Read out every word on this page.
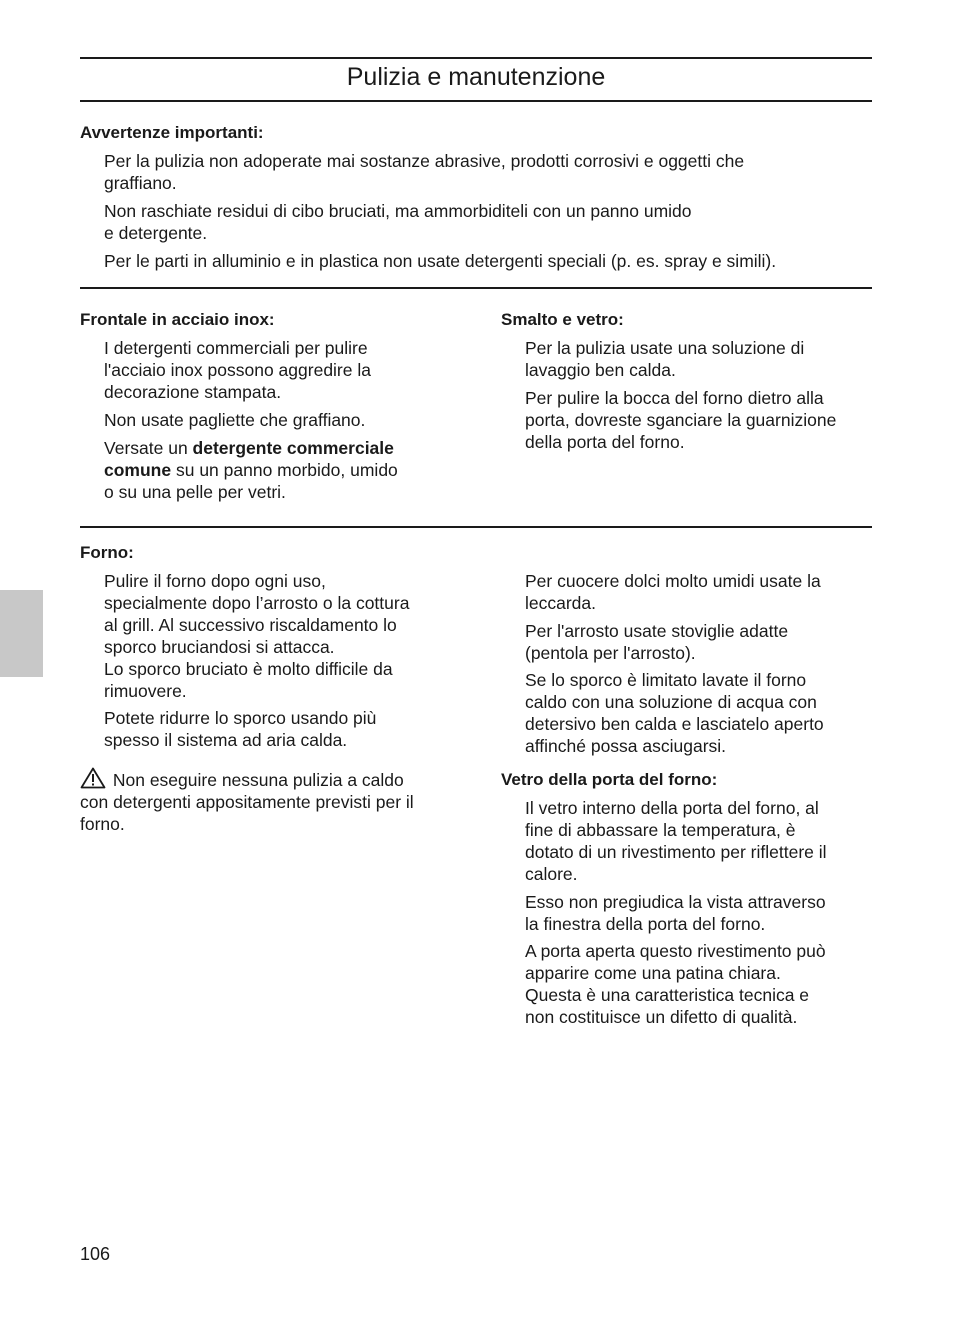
Pulizia e manutenzione
Avvertenze importanti:
Per la pulizia non adoperate mai sostanze abrasive, prodotti corrosivi e oggetti che
graffiano.
Non raschiate residui di cibo bruciati, ma ammorbiditeli con un panno umido
e detergente.
Per le parti in alluminio e in plastica non usate detergenti speciali (p. es. spray e simili).
Frontale in acciaio inox:
I detergenti commerciali per pulire
l'acciaio inox possono aggredire la
decorazione stampata.
Non usate pagliette che graffiano.
Versate un detergente commerciale
comune su un panno morbido, umido
o su una pelle per vetri.
Smalto e vetro:
Per la pulizia usate una soluzione di
lavaggio ben calda.
Per pulire la bocca del forno dietro alla
porta, dovreste sganciare la guarnizione
della porta del forno.
Forno:
Pulire il forno dopo ogni uso,
specialmente dopo l’arrosto o la cottura
al grill. Al successivo riscaldamento lo
sporco bruciandosi si attacca.
Lo sporco bruciato è molto difficile da
rimuovere.
Potete ridurre lo sporco usando più
spesso il sistema ad aria calda.
Non eseguire nessuna pulizia a caldo
con detergenti appositamente previsti per il
forno.
Per cuocere dolci molto umidi usate la
leccarda.
Per l'arrosto usate stoviglie adatte
(pentola per l'arrosto).
Se lo sporco è limitato lavate il forno
caldo con una soluzione di acqua con
detersivo ben calda e lasciatelo aperto
affinché possa asciugarsi.
Vetro della porta del forno:
Il vetro interno della porta del forno, al
fine di abbassare la temperatura, è
dotato di un rivestimento per riflettere il
calore.
Esso non pregiudica la vista attraverso
la finestra della porta del forno.
A porta aperta questo rivestimento può
apparire come una patina chiara.
Questa è una caratteristica tecnica e
non costituisce un difetto di qualità.
106
